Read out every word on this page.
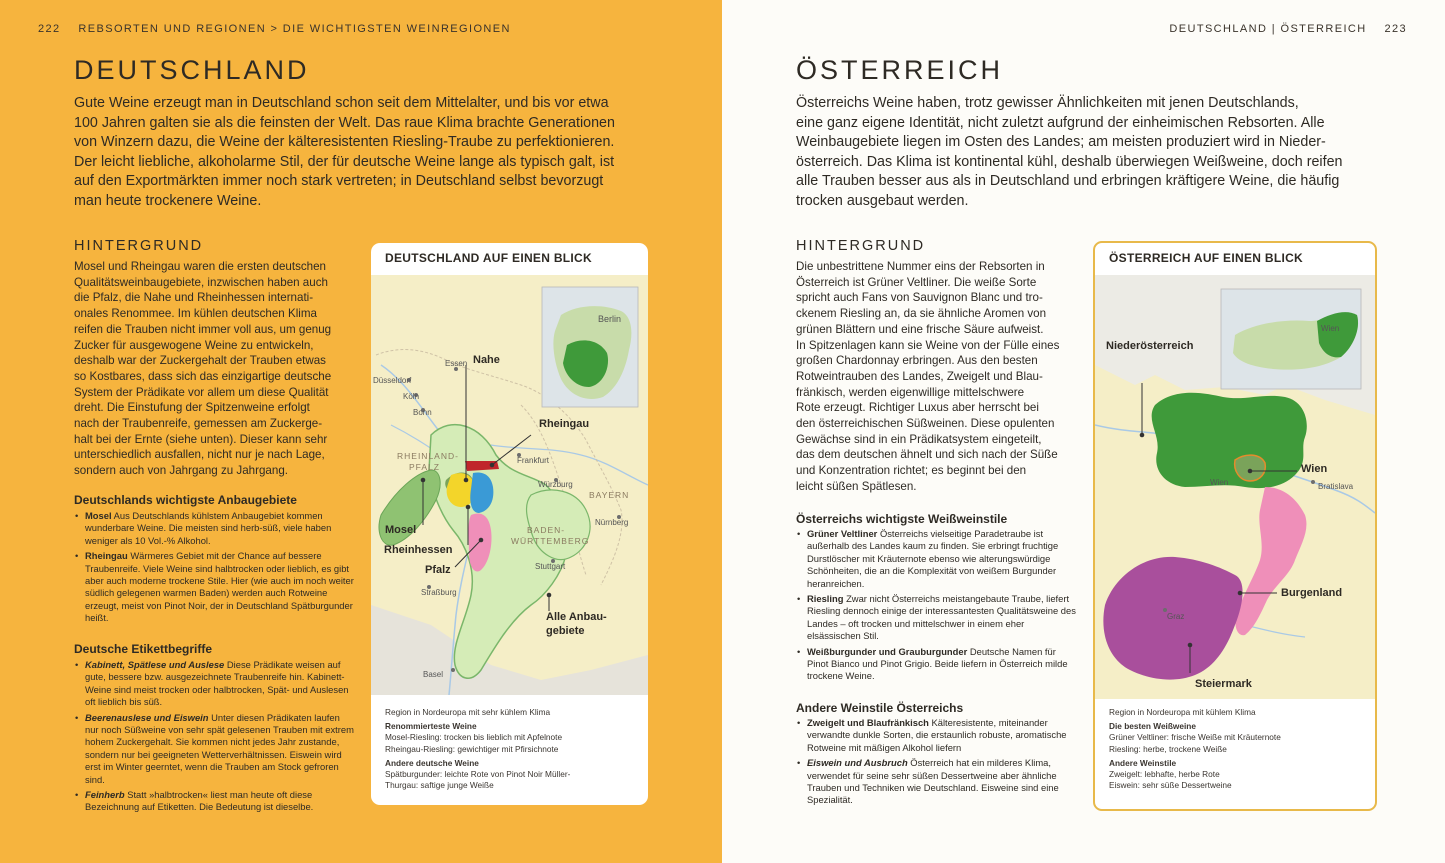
222 REBSORTEN UND REGIONEN > DIE WICHTIGSTEN WEINREGIONEN
DEUTSCHLAND

Gute Weine erzeugt man in Deutschland schon seit dem Mittelalter, und bis vor etwa

100 Jahren galten sie als die feinsten der Welt. Das raue Klima brachte Generationen

von Winzern dazu, die Weine der kälteresistenten Riesling-Traube zu perfektionieren.

Der leicht liebliche, alkoholarme Stil, der für deutsche Weine lange als typisch galt, ist

auf den Exportmärkten immer noch stark vertreten; in Deutschland selbst bevorzugt

man heute trockenere Weine.

HINTERGRUND
Mosel und Rheingau waren die ersten deutschen
Qualitätsweinbaugebiete, inzwischen haben auch
die Pfalz, die Nahe und Rheinhessen internati-
onales Renommee. Im kühlen deutschen Klima
reifen die Trauben nicht immer voll aus, um genug
Zucker für ausgewogene Weine zu entwickeln,
deshalb war der Zuckergehalt der Trauben etwas
so Kostbares, dass sich das einzigartige deutsche
System der Prädikate vor allem um diese Qualität
dreht. Die Einstufung der Spitzenweine erfolgt
nach der Traubenreife, gemessen am Zuckerge-
halt bei der Ernte (siehe unten). Dieser kann sehr
unterschiedlich ausfallen, nicht nur je nach Lage,
sondern auch von Jahrgang zu Jahrgang.
Deutschlands wichtigste Anbaugebiete
• Mosel Aus Deutschlands kühlstem Anbaugebiet kommen wunderbare Weine. Die meisten sind herb-süß, viele haben weniger als 10 Vol.-% Alkohol.
• Rheingau Wärmeres Gebiet mit der Chance auf bessere Traubenreife. Viele Weine sind halbtrocken oder lieblich, es gibt aber auch moderne trockene Stile. Hier (wie auch im noch weiter südlich gelegenen warmen Baden) werden auch Rotweine erzeugt, meist von Pinot Noir, der in Deutschland Spätburgunder heißt.
Deutsche Etikettbegriffe
• Kabinett, Spätlese und Auslese Diese Prädikate weisen auf gute, bessere bzw. ausgezeichnete Traubenreife hin. Kabinett-Weine sind meist trocken oder halbtrocken, Spät- und Auslesen oft lieblich bis süß.
• Beerenauslese und Eiswein Unter diesen Prädikaten laufen nur noch Süßweine von sehr spät gelesenen Trauben mit extrem hohem Zuckergehalt. Sie kommen nicht jedes Jahr zustande, sondern nur bei geeigneten Wetterverhältnissen. Eiswein wird erst im Winter geerntet, wenn die Trauben am Stock gefroren sind.
• Feinherb Statt »halbtrocken« liest man heute oft diese Bezeichnung auf Etiketten. Die Bedeutung ist dieselbe.
DEUTSCHLAND AUF EINEN BLICK
Berlin
Essen
Düsseldorf
Köln
Bonn
Frankfurt
Würzburg
Nürnberg
Stuttgart
Straßburg
Basel
RHEINLAND-
PFALZ
BAYERN
BADEN-
WÜRTTEMBERG
Nahe
Rheingau
Mosel
Rheinhessen
Pfalz
Alle Anbau-
gebiete
Region in Nordeuropa mit sehr kühlem Klima
Renommierteste Weine
Mosel-Riesling: trocken bis lieblich mit Apfelnote
Rheingau-Riesling: gewichtiger mit Pfirsichnote
Andere deutsche Weine
Spätburgunder: leichte Rote von Pinot Noir Müller-
Thurgau: saftige junge Weiße
DEUTSCHLAND | ÖSTERREICH 223
ÖSTERREICH

Österreichs Weine haben, trotz gewisser Ähnlichkeiten mit jenen Deutschlands,

eine ganz eigene Identität, nicht zuletzt aufgrund der einheimischen Rebsorten. Alle

Weinbaugebiete liegen im Osten des Landes; am meisten produziert wird in Nieder-

österreich. Das Klima ist kontinental kühl, deshalb überwiegen Weißweine, doch reifen

alle Trauben besser aus als in Deutschland und erbringen kräftigere Weine, die häufig

trocken ausgebaut werden.

HINTERGRUND
Die unbestrittene Nummer eins der Rebsorten in
Österreich ist Grüner Veltliner. Die weiße Sorte
spricht auch Fans von Sauvignon Blanc und tro-
ckenem Riesling an, da sie ähnliche Aromen von
grünen Blättern und eine frische Säure aufweist.
In Spitzenlagen kann sie Weine von der Fülle eines
großen Chardonnay erbringen. Aus den besten
Rotweintrauben des Landes, Zweigelt und Blau-
fränkisch, werden eigenwillige mittelschwere
Rote erzeugt. Richtiger Luxus aber herrscht bei
den österreichischen Süßweinen. Diese opulenten
Gewächse sind in ein Prädikatsystem eingeteilt,
das dem deutschen ähnelt und sich nach der Süße
und Konzentration richtet; es beginnt bei den
leicht süßen Spätlesen.
Österreichs wichtigste Weißweinstile
• Grüner Veltliner Österreichs vielseitige Paradetraube ist außerhalb des Landes kaum zu finden. Sie erbringt fruchtige Durstlöscher mit Kräuternote ebenso wie alterungswürdige Schönheiten, die an die Komplexität von weißem Burgunder heranreichen.
• Riesling Zwar nicht Österreichs meistangebaute Traube, liefert Riesling dennoch einige der interessantesten Qualitätsweine des Landes – oft trocken und mittelschwer in einem eher elsässischen Stil.
• Weißburgunder und Grauburgunder Deutsche Namen für Pinot Bianco und Pinot Grigio. Beide liefern in Österreich milde trockene Weine.
Andere Weinstile Österreichs
• Zweigelt und Blaufränkisch Kälteresistente, miteinander verwandte dunkle Sorten, die erstaunlich robuste, aromatische Rotweine mit mäßigen Alkohol liefern
• Eiswein und Ausbruch Österreich hat ein milderes Klima, verwendet für seine sehr süßen Dessertweine aber ähnliche Trauben und Techniken wie Deutschland. Eisweine sind eine Spezialität.
ÖSTERREICH AUF EINEN BLICK
Wien
Wien	Bratislava
Graz
Niederösterreich
Wien
Burgenland
Steiermark
Region in Nordeuropa mit kühlem Klima
Die besten Weißweine
Grüner Veltliner: frische Weiße mit Kräuternote
Riesling: herbe, trockene Weiße
Andere Weinstile
Zweigelt: lebhafte, herbe Rote
Eiswein: sehr süße Dessertweine
